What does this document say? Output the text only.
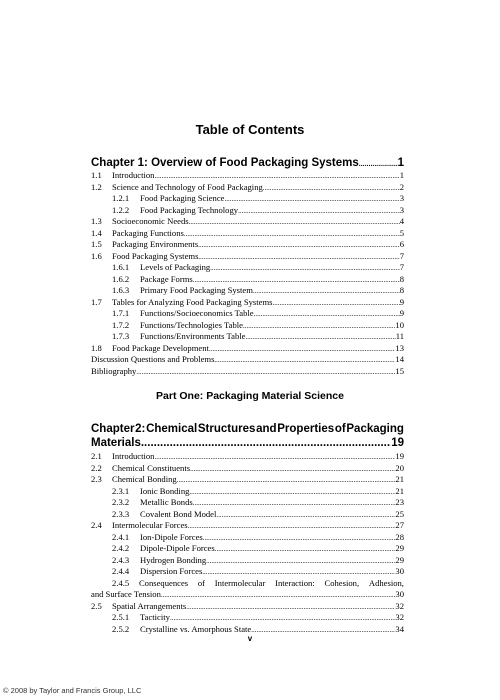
Table of Contents
Chapter 1: Overview of Food Packaging Systems .....	1
1.1	Introduction .....	1
1.2	Science and Technology of Food Packaging .....	2
1.2.1	Food Packaging Science .....	3
1.2.2	Food Packaging Technology .....	3
1.3	Socioeconomic Needs .....	4
1.4	Packaging Functions .....	5
1.5	Packaging Environments .....	6
1.6	Food Packaging Systems .....	7
1.6.1	Levels of Packaging .....	7
1.6.2	Package Forms .....	8
1.6.3	Primary Food Packaging System .....	8
1.7	Tables for Analyzing Food Packaging Systems .....	9
1.7.1	Functions/Socioeconomics Table .....	9
1.7.2	Functions/Technologies Table .....	10
1.7.3	Functions/Environments Table .....	11
1.8	Food Package Development .....	13
Discussion Questions and Problems .....	14
Bibliography .....	15
Part One: Packaging Material Science
Chapter 2: Chemical Structures and Properties of Packaging
Materials .....	19
2.1	Introduction .....	19
2.2	Chemical Constituents .....	20
2.3	Chemical Bonding .....	21
2.3.1	Ionic Bonding .....	21
2.3.2	Metallic Bonds .....	23
2.3.3	Covalent Bond Model .....	25
2.4	Intermolecular Forces .....	27
2.4.1	Ion-Dipole Forces .....	28
2.4.2	Dipole-Dipole Forces .....	29
2.4.3	Hydrogen Bonding .....	29
2.4.4	Dispersion Forces .....	30
2.4.5 Consequences of Intermolecular Interaction: Cohesion, Adhesion,
and Surface Tension .....	30
2.5	Spatial Arrangements .....	32
2.5.1	Tacticity .....	32
2.5.2	Crystalline vs. Amorphous State .....	34
v
© 2008 by Taylor and Francis Group, LLC
